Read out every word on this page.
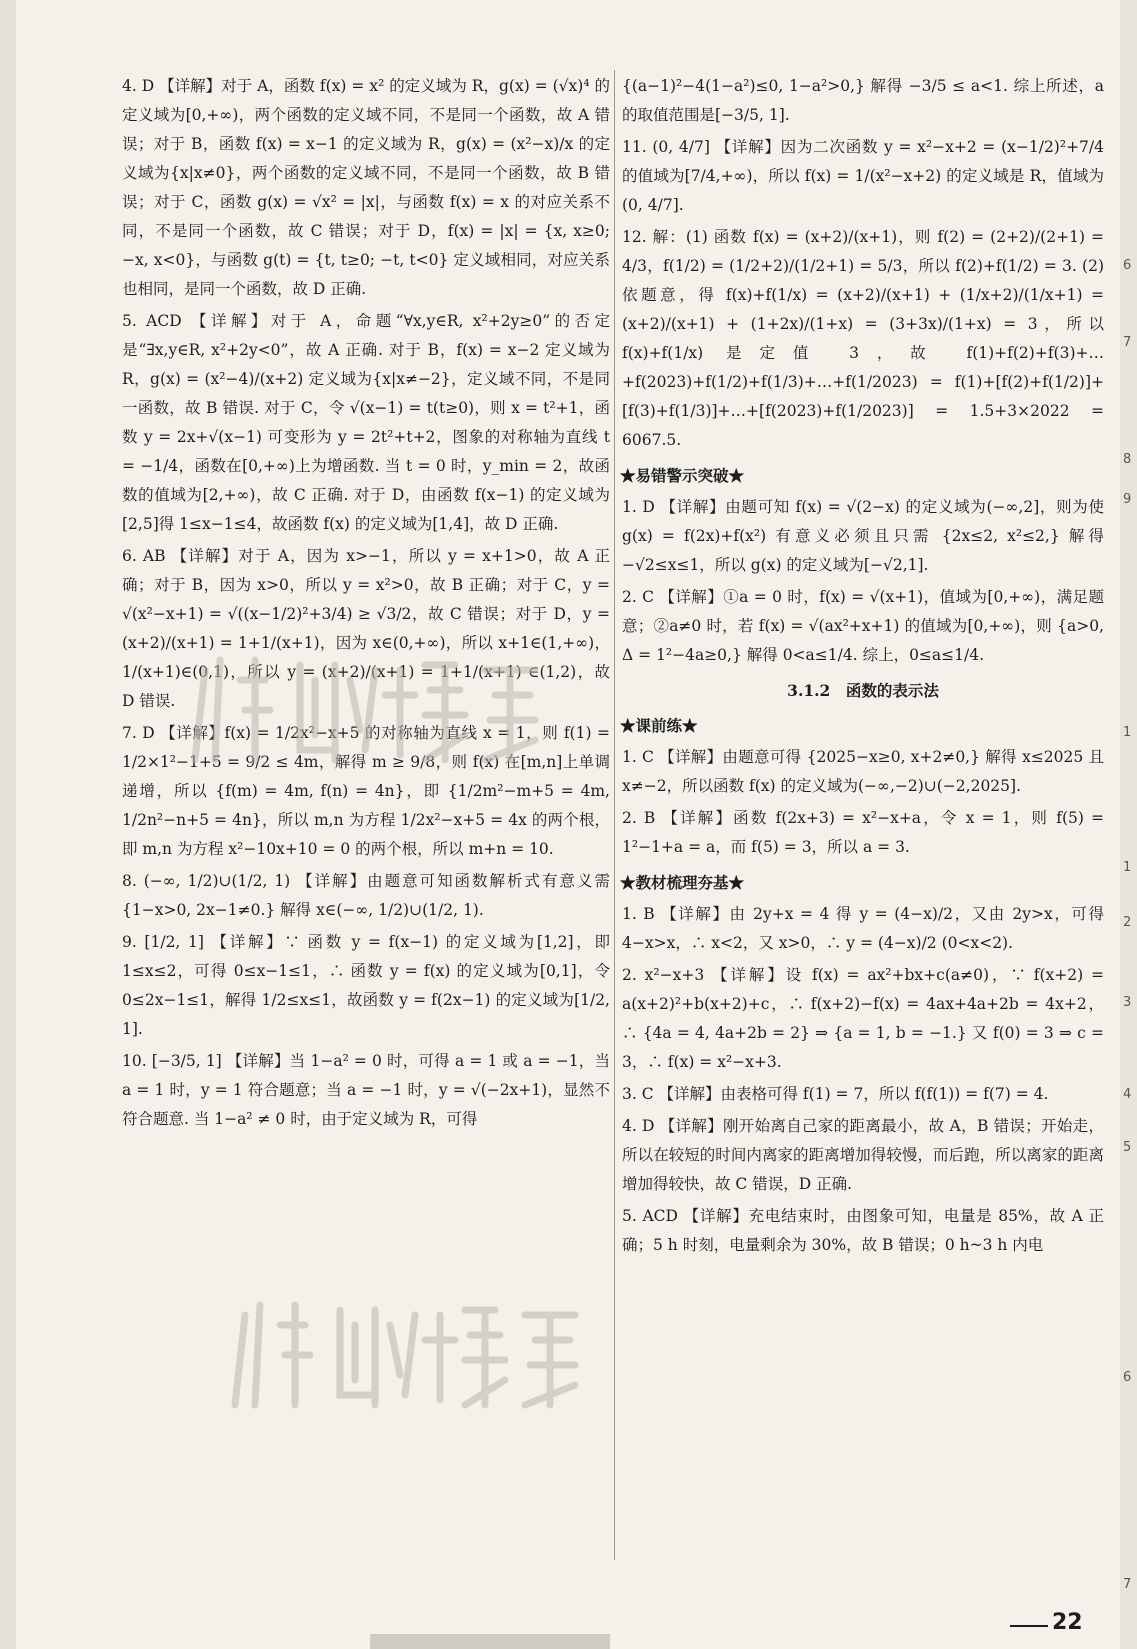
4. D 【详解】对于 A，函数 f(x) = x² 的定义域为 R，g(x) = (√x)⁴ 的定义域为[0,+∞)，两个函数的定义域不同，不是同一个函数，故 A 错误；对于 B，函数 f(x) = x−1 的定义域为 R，g(x) = (x²−x)/x 的定义域为{x|x≠0}，两个函数的定义域不同，不是同一个函数，故 B 错误；对于 C，函数 g(x) = √x² = |x|，与函数 f(x) = x 的对应关系不同，不是同一个函数，故 C 错误；对于 D，f(x) = |x| = {x, x≥0; −x, x<0}，与函数 g(t) = {t, t≥0; −t, t<0} 定义域相同，对应关系也相同，是同一个函数，故 D 正确.

5. ACD 【详解】对于 A，命题“∀x,y∈R, x²+2y≥0”的否定是“∃x,y∈R, x²+2y<0”，故 A 正确. 对于 B，f(x) = x−2 定义域为 R，g(x) = (x²−4)/(x+2) 定义域为{x|x≠−2}，定义域不同，不是同一函数，故 B 错误. 对于 C，令 √(x−1) = t(t≥0)，则 x = t²+1，函数 y = 2x+√(x−1) 可变形为 y = 2t²+t+2，图象的对称轴为直线 t = −1/4，函数在[0,+∞)上为增函数. 当 t = 0 时，y_min = 2，故函数的值域为[2,+∞)，故 C 正确. 对于 D，由函数 f(x−1) 的定义域为[2,5]得 1≤x−1≤4，故函数 f(x) 的定义域为[1,4]，故 D 正确.

6. AB 【详解】对于 A，因为 x>−1，所以 y = x+1>0，故 A 正确；对于 B，因为 x>0，所以 y = x²>0，故 B 正确；对于 C，y = √(x²−x+1) = √((x−1/2)²+3/4) ≥ √3/2，故 C 错误；对于 D，y = (x+2)/(x+1) = 1+1/(x+1)，因为 x∈(0,+∞)，所以 x+1∈(1,+∞)，1/(x+1)∈(0,1)，所以 y = (x+2)/(x+1) = 1+1/(x+1) ∈(1,2)，故 D 错误.

7. D 【详解】f(x) = 1/2x²−x+5 的对称轴为直线 x = 1，则 f(1) = 1/2×1²−1+5 = 9/2 ≤ 4m，解得 m ≥ 9/8，则 f(x) 在[m,n]上单调递增，所以 {f(m) = 4m, f(n) = 4n}，即 {1/2m²−m+5 = 4m, 1/2n²−n+5 = 4n}，所以 m,n 为方程 1/2x²−x+5 = 4x 的两个根，即 m,n 为方程 x²−10x+10 = 0 的两个根，所以 m+n = 10.

8. (−∞, 1/2)∪(1/2, 1) 【详解】由题意可知函数解析式有意义需 {1−x>0, 2x−1≠0.} 解得 x∈(−∞, 1/2)∪(1/2, 1).

9. [1/2, 1] 【详解】∵ 函数 y = f(x−1) 的定义域为[1,2]，即 1≤x≤2，可得 0≤x−1≤1，∴ 函数 y = f(x) 的定义域为[0,1]，令 0≤2x−1≤1，解得 1/2≤x≤1，故函数 y = f(2x−1) 的定义域为[1/2, 1].

10. [−3/5, 1] 【详解】当 1−a² = 0 时，可得 a = 1 或 a = −1，当 a = 1 时，y = 1 符合题意；当 a = −1 时，y = √(−2x+1)，显然不符合题意. 当 1−a² ≠ 0 时，由于定义域为 R，可得

{(a−1)²−4(1−a²)≤0, 1−a²>0,} 解得 −3/5 ≤ a<1. 综上所述，a 的取值范围是[−3/5, 1].

11. (0, 4/7] 【详解】因为二次函数 y = x²−x+2 = (x−1/2)²+7/4 的值域为[7/4,+∞)，所以 f(x) = 1/(x²−x+2) 的定义域是 R，值域为(0, 4/7].

12. 解：(1) 函数 f(x) = (x+2)/(x+1)，则 f(2) = (2+2)/(2+1) = 4/3，f(1/2) = (1/2+2)/(1/2+1) = 5/3，所以 f(2)+f(1/2) = 3. (2) 依题意，得 f(x)+f(1/x) = (x+2)/(x+1) + (1/x+2)/(1/x+1) = (x+2)/(x+1) + (1+2x)/(1+x) = (3+3x)/(1+x) = 3，所以 f(x)+f(1/x) 是定值 3，故 f(1)+f(2)+f(3)+…+f(2023)+f(1/2)+f(1/3)+…+f(1/2023) = f(1)+[f(2)+f(1/2)]+[f(3)+f(1/3)]+…+[f(2023)+f(1/2023)] = 1.5+3×2022 = 6067.5.

★易错警示突破★

1. D 【详解】由题可知 f(x) = √(2−x) 的定义域为(−∞,2]，则为使 g(x) = f(2x)+f(x²) 有意义必须且只需 {2x≤2, x²≤2,} 解得 −√2≤x≤1，所以 g(x) 的定义域为[−√2,1].

2. C 【详解】①a = 0 时，f(x) = √(x+1)，值域为[0,+∞)，满足题意；②a≠0 时，若 f(x) = √(ax²+x+1) 的值域为[0,+∞)，则 {a>0, Δ = 1²−4a≥0,} 解得 0<a≤1/4. 综上，0≤a≤1/4.

3.1.2　函数的表示法

★课前练★

1. C 【详解】由题意可得 {2025−x≥0, x+2≠0,} 解得 x≤2025 且 x≠−2，所以函数 f(x) 的定义域为(−∞,−2)∪(−2,2025].

2. B 【详解】函数 f(2x+3) = x²−x+a，令 x = 1，则 f(5) = 1²−1+a = a，而 f(5) = 3，所以 a = 3.

★教材梳理夯基★

1. B 【详解】由 2y+x = 4 得 y = (4−x)/2，又由 2y>x，可得 4−x>x，∴ x<2，又 x>0，∴ y = (4−x)/2 (0<x<2).

2. x²−x+3 【详解】设 f(x) = ax²+bx+c(a≠0)，∵ f(x+2) = a(x+2)²+b(x+2)+c，∴ f(x+2)−f(x) = 4ax+4a+2b = 4x+2，∴ {4a = 4, 4a+2b = 2} ⇒ {a = 1, b = −1.} 又 f(0) = 3 ⇒ c = 3，∴ f(x) = x²−x+3.

3. C 【详解】由表格可得 f(1) = 7，所以 f(f(1)) = f(7) = 4.

4. D 【详解】刚开始离自己家的距离最小，故 A，B 错误；开始走，所以在较短的时间内离家的距离增加得较慢，而后跑，所以离家的距离增加得较快，故 C 错误，D 正确.

5. ACD 【详解】充电结束时，由图象可知，电量是 85%，故 A 正确；5 h 时刻，电量剩余为 30%，故 B 错误；0 h~3 h 内电

6
7
8
9
1
1
2
3
4
5
6
7
22
